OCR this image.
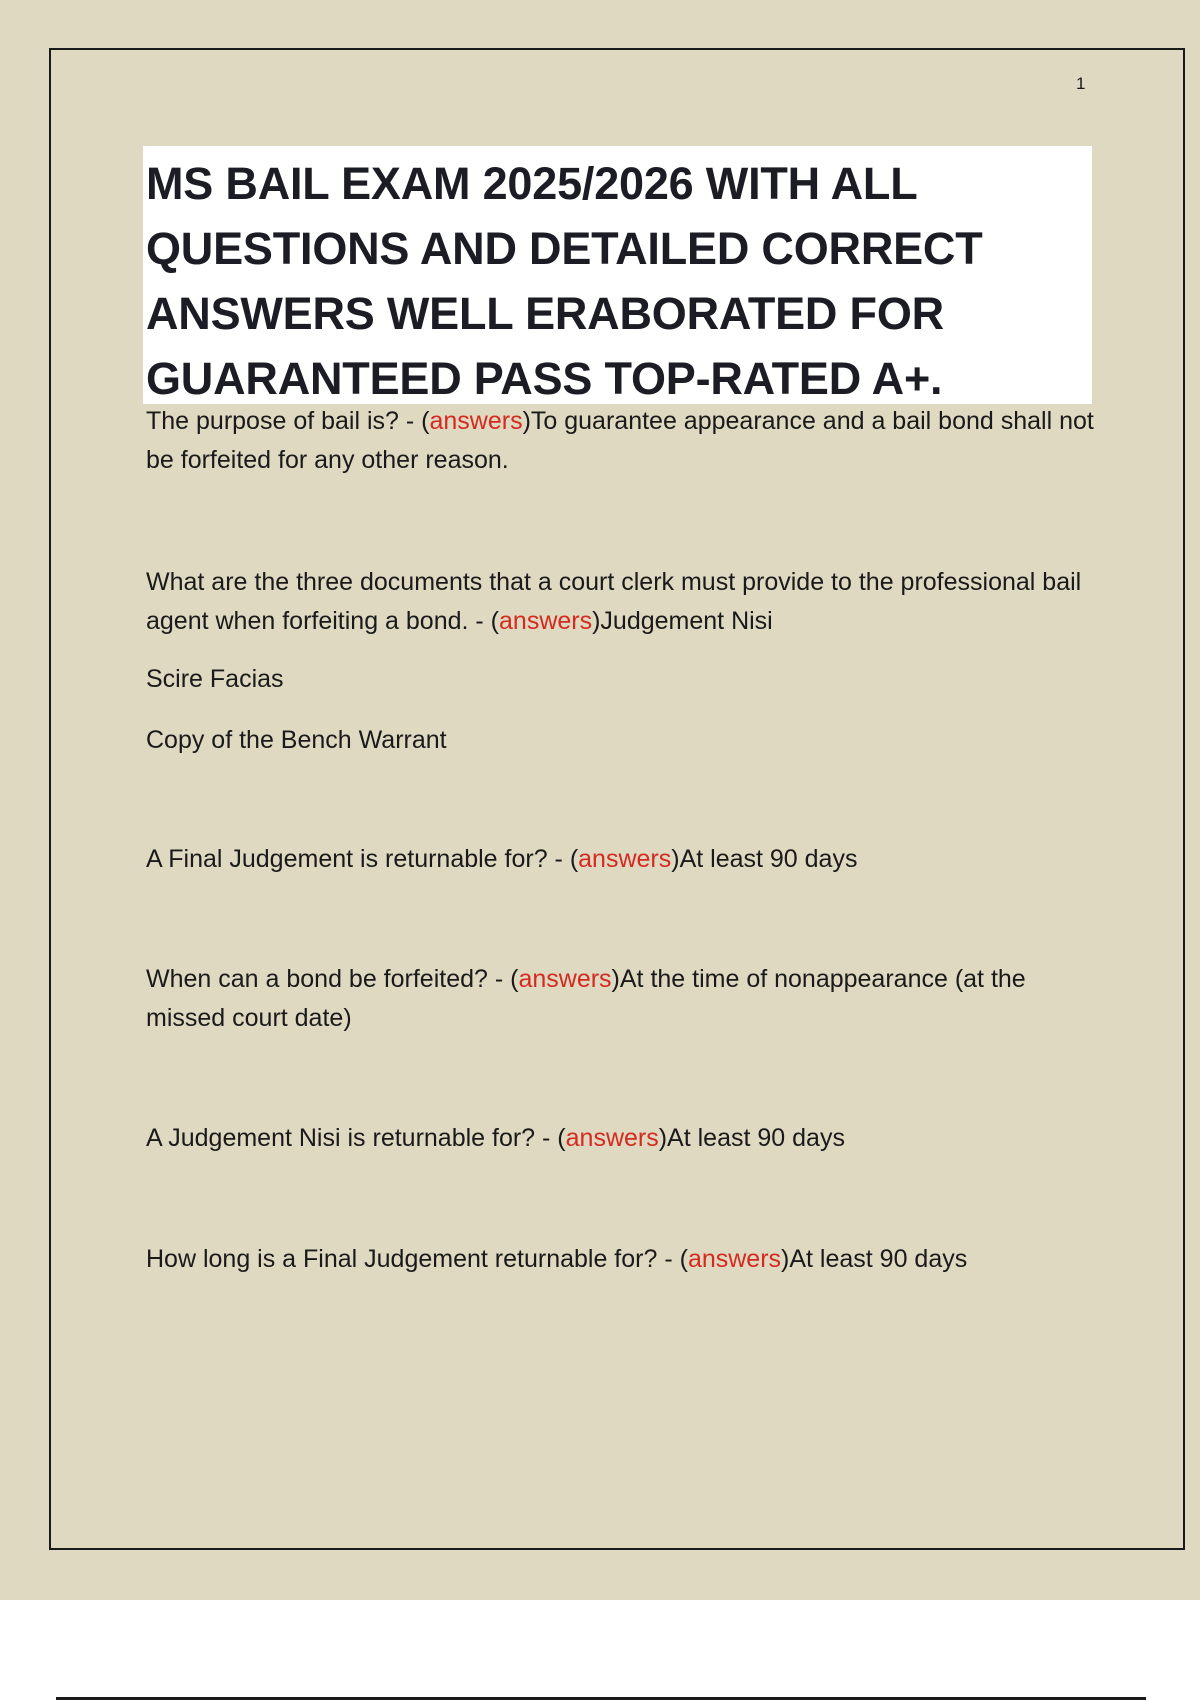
1
MS BAIL EXAM 2025/2026 WITH ALL QUESTIONS AND DETAILED CORRECT ANSWERS WELL ERABORATED FOR GUARANTEED PASS TOP-RATED A+.
The purpose of bail is? - (answers)To guarantee appearance and a bail bond shall not be forfeited for any other reason.
What are the three documents that a court clerk must provide to the professional bail agent when forfeiting a bond. - (answers)Judgement Nisi
Scire Facias
Copy of the Bench Warrant
A Final Judgement is returnable for? - (answers)At least 90 days
When can a bond be forfeited? - (answers)At the time of nonappearance (at the missed court date)
A Judgement Nisi is returnable for? - (answers)At least 90 days
How long is a Final Judgement returnable for? - (answers)At least 90 days
